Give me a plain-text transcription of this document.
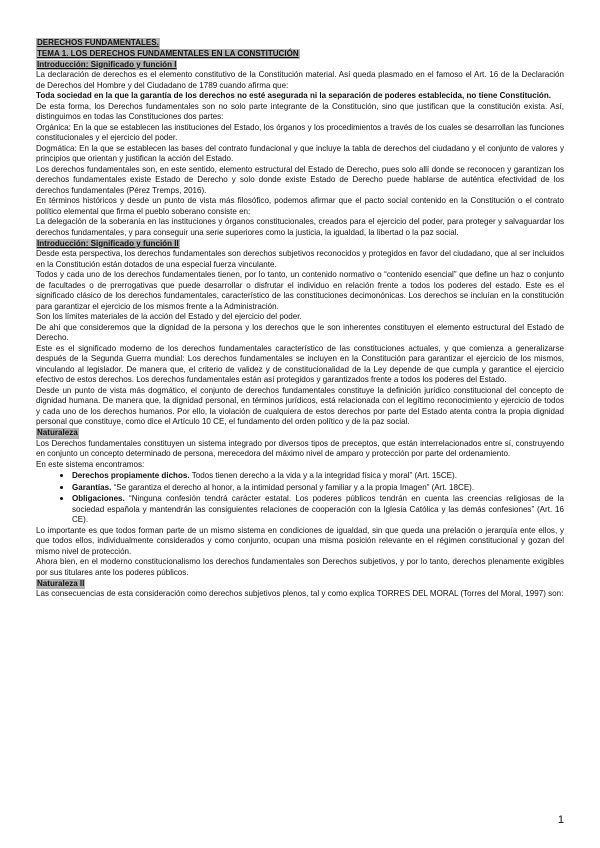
DERECHOS FUNDAMENTALES.
TEMA 1. LOS DERECHOS FUNDAMENTALES EN LA CONSTITUCIÓN
Introducción: Significado y función I

La declaración de derechos es el elemento constitutivo de la Constitución material. Así queda plasmado en el famoso el Art. 16 de la Declaración de Derechos del Hombre y del Ciudadano de 1789 cuando afirma que:

Toda sociedad en la que la garantía de los derechos no esté asegurada ni la separación de poderes establecida, no tiene Constitución.

De esta forma, los Derechos fundamentales son no solo parte integrante de la Constitución, sino que justifican que la constitución exista. Así, distinguimos en todas las Constituciones dos partes:

Orgánica: En la que se establecen las instituciones del Estado, los órganos y los procedimientos a través de los cuales se desarrollan las funciones constitucionales y el ejercicio del poder.

Dogmática: En la que se establecen las bases del contrato fundacional y que incluye la tabla de derechos del ciudadano y el conjunto de valores y principios que orientan y justifican la acción del Estado.

Los derechos fundamentales son, en este sentido, elemento estructural del Estado de Derecho, pues solo allí donde se reconocen y garantizan los derechos fundamentales existe Estado de Derecho y solo donde existe Estado de Derecho puede hablarse de auténtica efectividad de los derechos fundamentales (Pérez Tremps, 2016).

En términos históricos y desde un punto de vista más filosófico, podemos afirmar que el pacto social contenido en la Constitución o el contrato político elemental que firma el pueblo soberano consiste en:

La delegación de la soberanía en las instituciones y órganos constitucionales, creados para el ejercicio del poder, para proteger y salvaguardar los derechos fundamentales, y para conseguir una serie superiores como la justicia, la igualdad, la libertad o la paz social.

Introducción: Significado y función II

Desde esta perspectiva, los derechos fundamentales son derechos subjetivos reconocidos y protegidos en favor del ciudadano, que al ser incluidos en la Constitución están dotados de una especial fuerza vinculante.

Todos y cada uno de los derechos fundamentales tienen, por lo tanto, un contenido normativo o “contenido esencial” que define un haz o conjunto de facultades o de prerrogativas que puede desarrollar o disfrutar el individuo en relación frente a todos los poderes del estado. Este es el significado clásico de los derechos fundamentales, característico de las constituciones decimonónicas. Los derechos se incluían en la constitución para garantizar el ejercicio de los mismos frente a la Administración.

Son los límites materiales de la acción del Estado y del ejercicio del poder.

De ahí que consideremos que la dignidad de la persona y los derechos que le son inherentes constituyen el elemento estructural del Estado de Derecho.

Este es el significado moderno de los derechos fundamentales característico de las constituciones actuales, y que comienza a generalizarse después de la Segunda Guerra mundial: Los derechos fundamentales se incluyen en la Constitución para garantizar el ejercicio de los mismos, vinculando al legislador. De manera que, el criterio de validez y de constitucionalidad de la Ley depende de que cumpla y garantice el ejercicio efectivo de estos derechos. Los derechos fundamentales están así protegidos y garantizados frente a todos los poderes del Estado.

Desde un punto de vista más dogmático, el conjunto de derechos fundamentales constituye la definición jurídico constitucional del concepto de dignidad humana. De manera que, la dignidad personal, en términos jurídicos, está relacionada con el legítimo reconocimiento y ejercicio de todos y cada uno de los derechos humanos. Por ello, la violación de cualquiera de estos derechos por parte del Estado atenta contra la propia dignidad personal que constituye, como dice el Artículo 10 CE, el fundamento del orden político y de la paz social.

Naturaleza

Los Derechos fundamentales constituyen un sistema integrado por diversos tipos de preceptos, que están interrelacionados entre sí, construyendo en conjunto un concepto determinado de persona, merecedora del máximo nivel de amparo y protección por parte del ordenamiento.

En este sistema encontramos:

• Derechos propiamente dichos. Todos tienen derecho a la vida y a la integridad física y moral” (Art. 15CE).
• Garantías. “Se garantiza el derecho al honor, a la intimidad personal y familiar y a la propia Imagen” (Art. 18CE).
• Obligaciones. “Ninguna confesión tendrá carácter estatal. Los poderes públicos tendrán en cuenta las creencias religiosas de la sociedad española y mantendrán las consiguientes relaciones de cooperación con la Iglesia Católica y las demás confesiones” (Art. 16 CE).

Lo importante es que todos forman parte de un mismo sistema en condiciones de igualdad, sin que queda una prelación o jerarquía ente ellos, y que todos ellos, individualmente considerados y como conjunto, ocupan una misma posición relevante en el régimen constitucional y gozan del mismo nivel de protección.

Ahora bien, en el moderno constitucionalismo los derechos fundamentales son Derechos subjetivos, y por lo tanto, derechos plenamente exigibles por sus titulares ante los poderes públicos.

Naturaleza II

Las consecuencias de esta consideración como derechos subjetivos plenos, tal y como explica TORRES DEL MORAL (Torres del Moral, 1997) son:

1
